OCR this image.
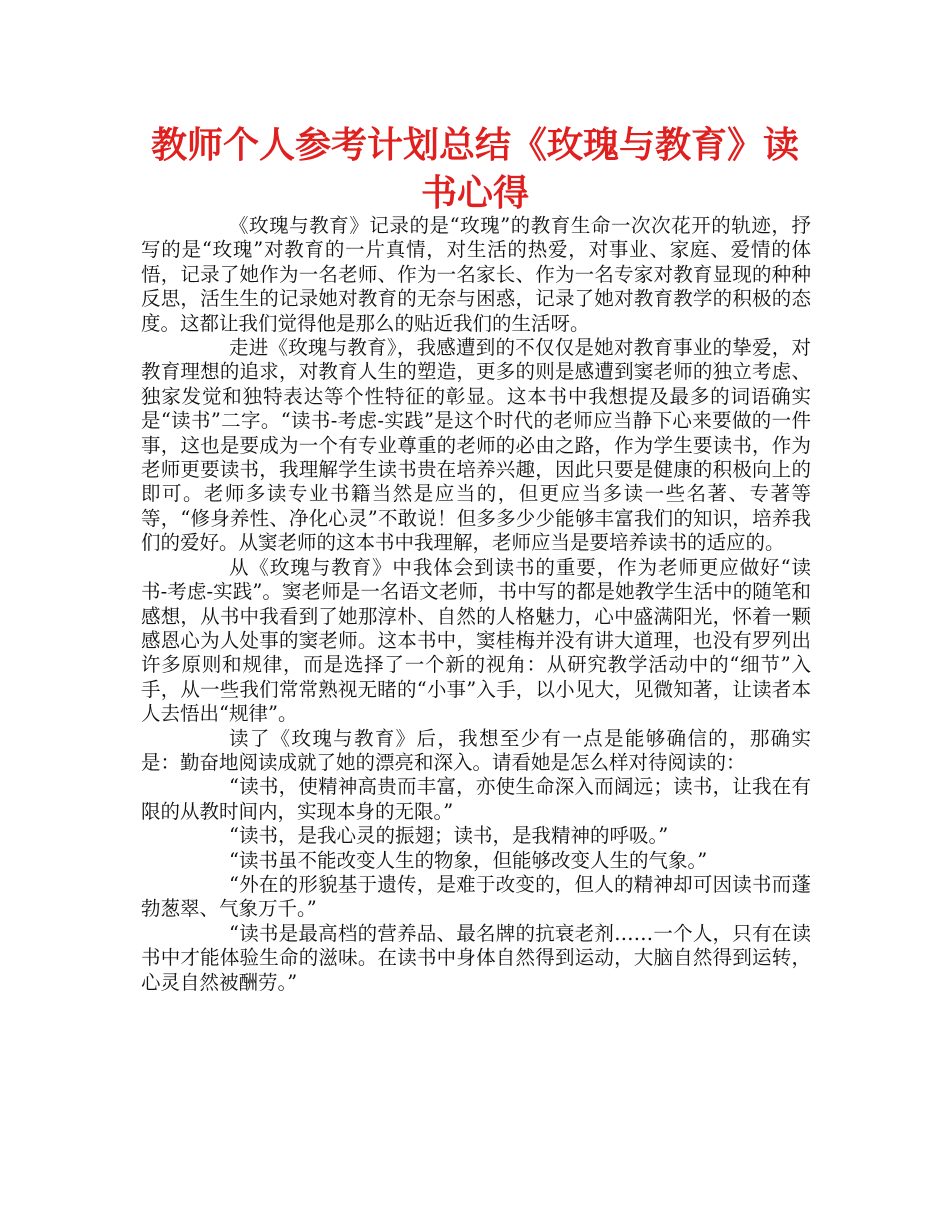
教师个人参考计划总结《玫瑰与教育》读书心得

《玫瑰与教育》记录的是“玫瑰”的教育生命一次次花开的轨迹，抒写的是“玫瑰”对教育的一片真情，对生活的热爱，对事业、家庭、爱情的体悟，记录了她作为一名老师、作为一名家长、作为一名专家对教育显现的种种反思，活生生的记录她对教育的无奈与困惑，记录了她对教育教学的积极的态度。这都让我们觉得他是那么的贴近我们的生活呀。

走进《玫瑰与教育》，我感遭到的不仅仅是她对教育事业的挚爱，对教育理想的追求，对教育人生的塑造，更多的则是感遭到窦老师的独立考虑、独家发觉和独特表达等个性特征的彰显。这本书中我想提及最多的词语确实是“读书”二字。“读书-考虑-实践”是这个时代的老师应当静下心来要做的一件事，这也是要成为一个有专业尊重的老师的必由之路，作为学生要读书，作为老师更要读书，我理解学生读书贵在培养兴趣，因此只要是健康的积极向上的即可。老师多读专业书籍当然是应当的，但更应当多读一些名著、专著等等，“修身养性、净化心灵”不敢说！但多多少少能够丰富我们的知识，培养我们的爱好。从窦老师的这本书中我理解，老师应当是要培养读书的适应的。

从《玫瑰与教育》中我体会到读书的重要，作为老师更应做好“读书-考虑-实践”。窦老师是一名语文老师，书中写的都是她教学生活中的随笔和感想，从书中我看到了她那淳朴、自然的人格魅力，心中盛满阳光，怀着一颗感恩心为人处事的窦老师。这本书中，窦桂梅并没有讲大道理，也没有罗列出许多原则和规律，而是选择了一个新的视角：从研究教学活动中的“细节”入手，从一些我们常常熟视无睹的“小事”入手，以小见大，见微知著，让读者本人去悟出“规律”。

读了《玫瑰与教育》后，我想至少有一点是能够确信的，那确实是：勤奋地阅读成就了她的漂亮和深入。请看她是怎么样对待阅读的：

“读书，使精神高贵而丰富，亦使生命深入而阔远；读书，让我在有限的从教时间内，实现本身的无限。”

“读书，是我心灵的振翅；读书，是我精神的呼吸。”

“读书虽不能改变人生的物象，但能够改变人生的气象。”

“外在的形貌基于遗传，是难于改变的，但人的精神却可因读书而蓬勃葱翠、气象万千。”

“读书是最高档的营养品、最名牌的抗衰老剂……一个人，只有在读书中才能体验生命的滋味。在读书中身体自然得到运动，大脑自然得到运转，心灵自然被酬劳。”
